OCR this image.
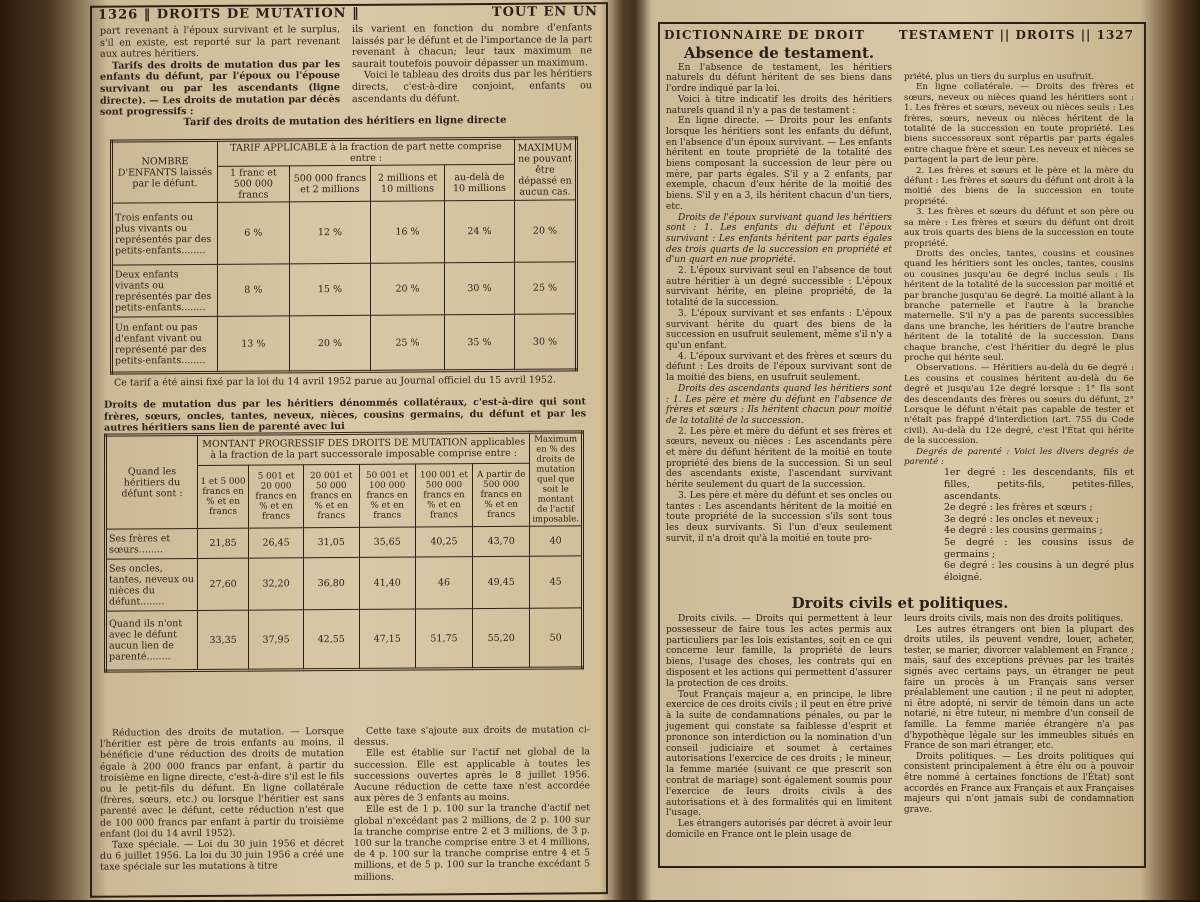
1326 ‖ DROITS DE MUTATION ‖	TOUT EN UN

part revenant à l'époux survivant et le surplus, s'il en existe, est reporté sur la part revenant aux autres héritiers.

Tarifs des droits de mutation dus par les enfants du défunt, par l'époux ou l'épouse survivant ou par les ascendants (ligne directe). — Les droits de mutation par décès sont progressifs :

ils varient en fonction du nombre d'enfants laissés par le défunt et de l'importance de la part revenant à chacun; leur taux maximum ne saurait toutefois pouvoir dépasser un maximum.

Voici le tableau des droits dus par les héritiers directs, c'est-à-dire conjoint, enfants ou ascendants du défunt.

Tarif des droits de mutation des héritiers en ligne directe
NOMBRE D'ENFANTS laissés par le défunt.	TARIF APPLICABLE à la fraction de part nette comprise entre :				MAXIMUM ne pouvant être dépassé en aucun cas.
	1 franc et 500 000 francs	500 000 francs et 2 millions	2 millions et 10 millions	au-delà de 10 millions	
Trois enfants ou plus vivants ou représentés par des petits-enfants........	6 %	12 %	16 %	24 %	20 %
Deux enfants vivants ou représentés par des petits-enfants........	8 %	15 %	20 %	30 %	25 %
Un enfant ou pas d'enfant vivant ou représenté par des petits-enfants........	13 %	20 %	25 %	35 %	30 %
Ce tarif a été ainsi fixé par la loi du 14 avril 1952 parue au Journal officiel du 15 avril 1952.
Droits de mutation dus par les héritiers dénommés collatéraux, c'est-à-dire qui sont frères, sœurs, oncles, tantes, neveux, nièces, cousins germains, du défunt et par les autres héritiers sans lien de parenté avec lui
Quand les héritiers du défunt sont :	MONTANT PROGRESSIF DES DROITS DE MUTATION applicables à la fraction de la part successorale imposable comprise entre :						Maximum en % des droits de mutation quel que soit le montant de l'actif imposable.
	1 et 5 000 francs en % et en francs	5 001 et 20 000 francs en % et en francs	20 001 et 50 000 francs en % et en francs	50 001 et 100 000 francs en % et en francs	100 001 et 500 000 francs en % et en francs	A partir de 500 000 francs en % et en francs	
Ses frères et sœurs........	21,85	26,45	31,05	35,65	40,25	43,70	40
Ses oncles, tantes, neveux ou nièces du défunt........	27,60	32,20	36,80	41,40	46	49,45	45
Quand ils n'ont avec le défunt aucun lien de parenté........	33,35	37,95	42,55	47,15	51,75	55,20	50

Réduction des droits de mutation. — Lorsque l'héritier est père de trois enfants au moins, il bénéficie d'une réduction des droits de mutation égale à 200 000 francs par enfant, à partir du troisième en ligne directe, c'est-à-dire s'il est le fils ou le petit-fils du défunt. En ligne collatérale (frères, sœurs, etc.) ou lorsque l'héritier est sans parenté avec le défunt, cette réduction n'est que de 100 000 francs par enfant à partir du troisième enfant (loi du 14 avril 1952).

Taxe spéciale. — Loi du 30 juin 1956 et décret du 6 juillet 1956. La loi du 30 juin 1956 a créé une taxe spéciale sur les mutations à titre

Cette taxe s'ajoute aux droits de mutation ci-dessus.

Elle est établie sur l'actif net global de la succession. Elle est applicable à toutes les successions ouvertes après le 8 juillet 1956. Aucune réduction de cette taxe n'est accordée aux pères de 3 enfants au moins.

Elle est de 1 p. 100 sur la tranche d'actif net global n'excédant pas 2 millions, de 2 p. 100 sur la tranche comprise entre 2 et 3 millions, de 3 p. 100 sur la tranche comprise entre 3 et 4 millions, de 4 p. 100 sur la tranche comprise entre 4 et 5 millions, et de 5 p. 100 sur la tranche excédant 5 millions.

DICTIONNAIRE DE DROIT	TESTAMENT || DROITS || 1327
Absence de testament.

En l'absence de testament, les héritiers naturels du défunt héritent de ses biens dans l'ordre indiqué par la loi.

Voici à titre indicatif les droits des héritiers naturels quand il n'y a pas de testament :

En ligne directe. — Droits pour les enfants lorsque les héritiers sont les enfants du défunt, en l'absence d'un époux survivant. — Les enfants héritent en toute propriété de la totalité des biens composant la succession de leur père ou mère, par parts égales. S'il y a 2 enfants, par exemple, chacun d'eux hérite de la moitié des biens. S'il y en a 3, ils héritent chacun d'un tiers, etc.

Droits de l'époux survivant quand les héritiers sont : 1. Les enfants du défunt et l'époux survivant : Les enfants héritent par parts égales des trois quarts de la succession en propriété et d'un quart en nue propriété.

2. L'époux survivant seul en l'absence de tout autre héritier à un degré successible : L'époux survivant hérite, en pleine propriété, de la totalité de la succession.

3. L'époux survivant et ses enfants : L'époux survivant hérite du quart des biens de la succession en usufruit seulement, même s'il n'y a qu'un enfant.

4. L'époux survivant et des frères et sœurs du défunt : Les droits de l'époux survivant sont de la moitié des biens, en usufruit seulement.

Droits des ascendants quand les héritiers sont : 1. Les père et mère du défunt en l'absence de frères et sœurs : Ils héritent chacun pour moitié de la totalité de la succession.

2. Les père et mère du défunt et ses frères et sœurs, neveux ou nièces : Les ascendants père et mère du défunt héritent de la moitié en toute propriété des biens de la succession. Si un seul des ascendants existe, l'ascendant survivant hérite seulement du quart de la succession.

3. Les père et mère du défunt et ses oncles ou tantes : Les ascendants héritent de la moitié en toute propriété de la succession s'ils sont tous les deux survivants. Si l'un d'eux seulement survit, il n'a droit qu'à la moitié en toute pro-

priété, plus un tiers du surplus en usufruit.

En ligne collatérale. — Droits des frères et sœurs, neveux ou nièces quand les héritiers sont : 1. Les frères et sœurs, neveux ou nièces seuls : Les frères, sœurs, neveux ou nièces héritent de la totalité de la succession en toute propriété. Les biens successoraux sont répartis par parts égales entre chaque frère et sœur. Les neveux et nièces se partagent la part de leur père.

2. Les frères et sœurs et le père et la mère du défunt : Les frères et sœurs du défunt ont droit à la moitié des biens de la succession en toute propriété.

3. Les frères et sœurs du défunt et son père ou sa mère : Les frères et sœurs du défunt ont droit aux trois quarts des biens de la succession en toute propriété.

Droits des oncles, tantes, cousins et cousines quand les héritiers sont les oncles, tantes, cousins ou cousines jusqu'au 6e degré inclus seuls : Ils héritent de la totalité de la succession par moitié et par branche jusqu'au 6e degré. La moitié allant à la branche paternelle et l'autre à la branche maternelle. S'il n'y a pas de parents successibles dans une branche, les héritiers de l'autre branche héritent de la totalité de la succession. Dans chaque branche, c'est l'héritier du degré le plus proche qui hérite seul.

Observations. — Héritiers au-delà du 6e degré : Les cousins et cousines héritent au-delà du 6e degré et jusqu'au 12e degré lorsque : 1° Ils sont des descendants des frères ou sœurs du défunt, 2° Lorsque le défunt n'était pas capable de tester et n'était pas frappé d'interdiction (art. 755 du Code civil). Au-delà du 12e degré, c'est l'État qui hérite de la succession.

Degrés de parenté : Voici les divers degrés de parenté :

1er degré : les descendants, fils et filles, petits-fils, petites-filles, ascendants.
2e degré : les frères et sœurs ;
3e degré : les oncles et neveux ;
4e degré : les cousins germains ;
5e degré : les cousins issus de germains ;
6e degré : les cousins à un degré plus éloigné.
Droits civils et politiques.

Droits civils. — Droits qui permettent à leur possesseur de faire tous les actes permis aux particuliers par les lois existantes, soit en ce qui concerne leur famille, la propriété de leurs biens, l'usage des choses, les contrats qui en disposent et les actions qui permettent d'assurer la protection de ces droits.

Tout Français majeur a, en principe, le libre exercice de ces droits civils ; il peut en être privé à la suite de condamnations pénales, ou par le jugement qui constate sa faiblesse d'esprit et prononce son interdiction ou la nomination d'un conseil judiciaire et soumet à certaines autorisations l'exercice de ces droits ; le mineur, la femme mariée (suivant ce que prescrit son contrat de mariage) sont également soumis pour l'exercice de leurs droits civils à des autorisations et à des formalités qui en limitent l'usage.

Les étrangers autorisés par décret à avoir leur domicile en France ont le plein usage de

leurs droits civils, mais non des droits politiques.

Les autres étrangers ont bien la plupart des droits utiles, ils peuvent vendre, louer, acheter, tester, se marier, divorcer valablement en France ; mais, sauf des exceptions prévues par les traités signés avec certains pays, un étranger ne peut faire un procès à un Français sans verser préalablement une caution ; il ne peut ni adopter, ni être adopté, ni servir de témoin dans un acte notarié, ni être tuteur, ni membre d'un conseil de famille. La femme mariée étrangère n'a pas d'hypothèque légale sur les immeubles situés en France de son mari étranger, etc.

Droits politiques. — Les droits politiques qui consistent principalement à être élu ou à pouvoir être nommé à certaines fonctions de l'État) sont accordés en France aux Français et aux Françaises majeurs qui n'ont jamais subi de condamnation grave.
